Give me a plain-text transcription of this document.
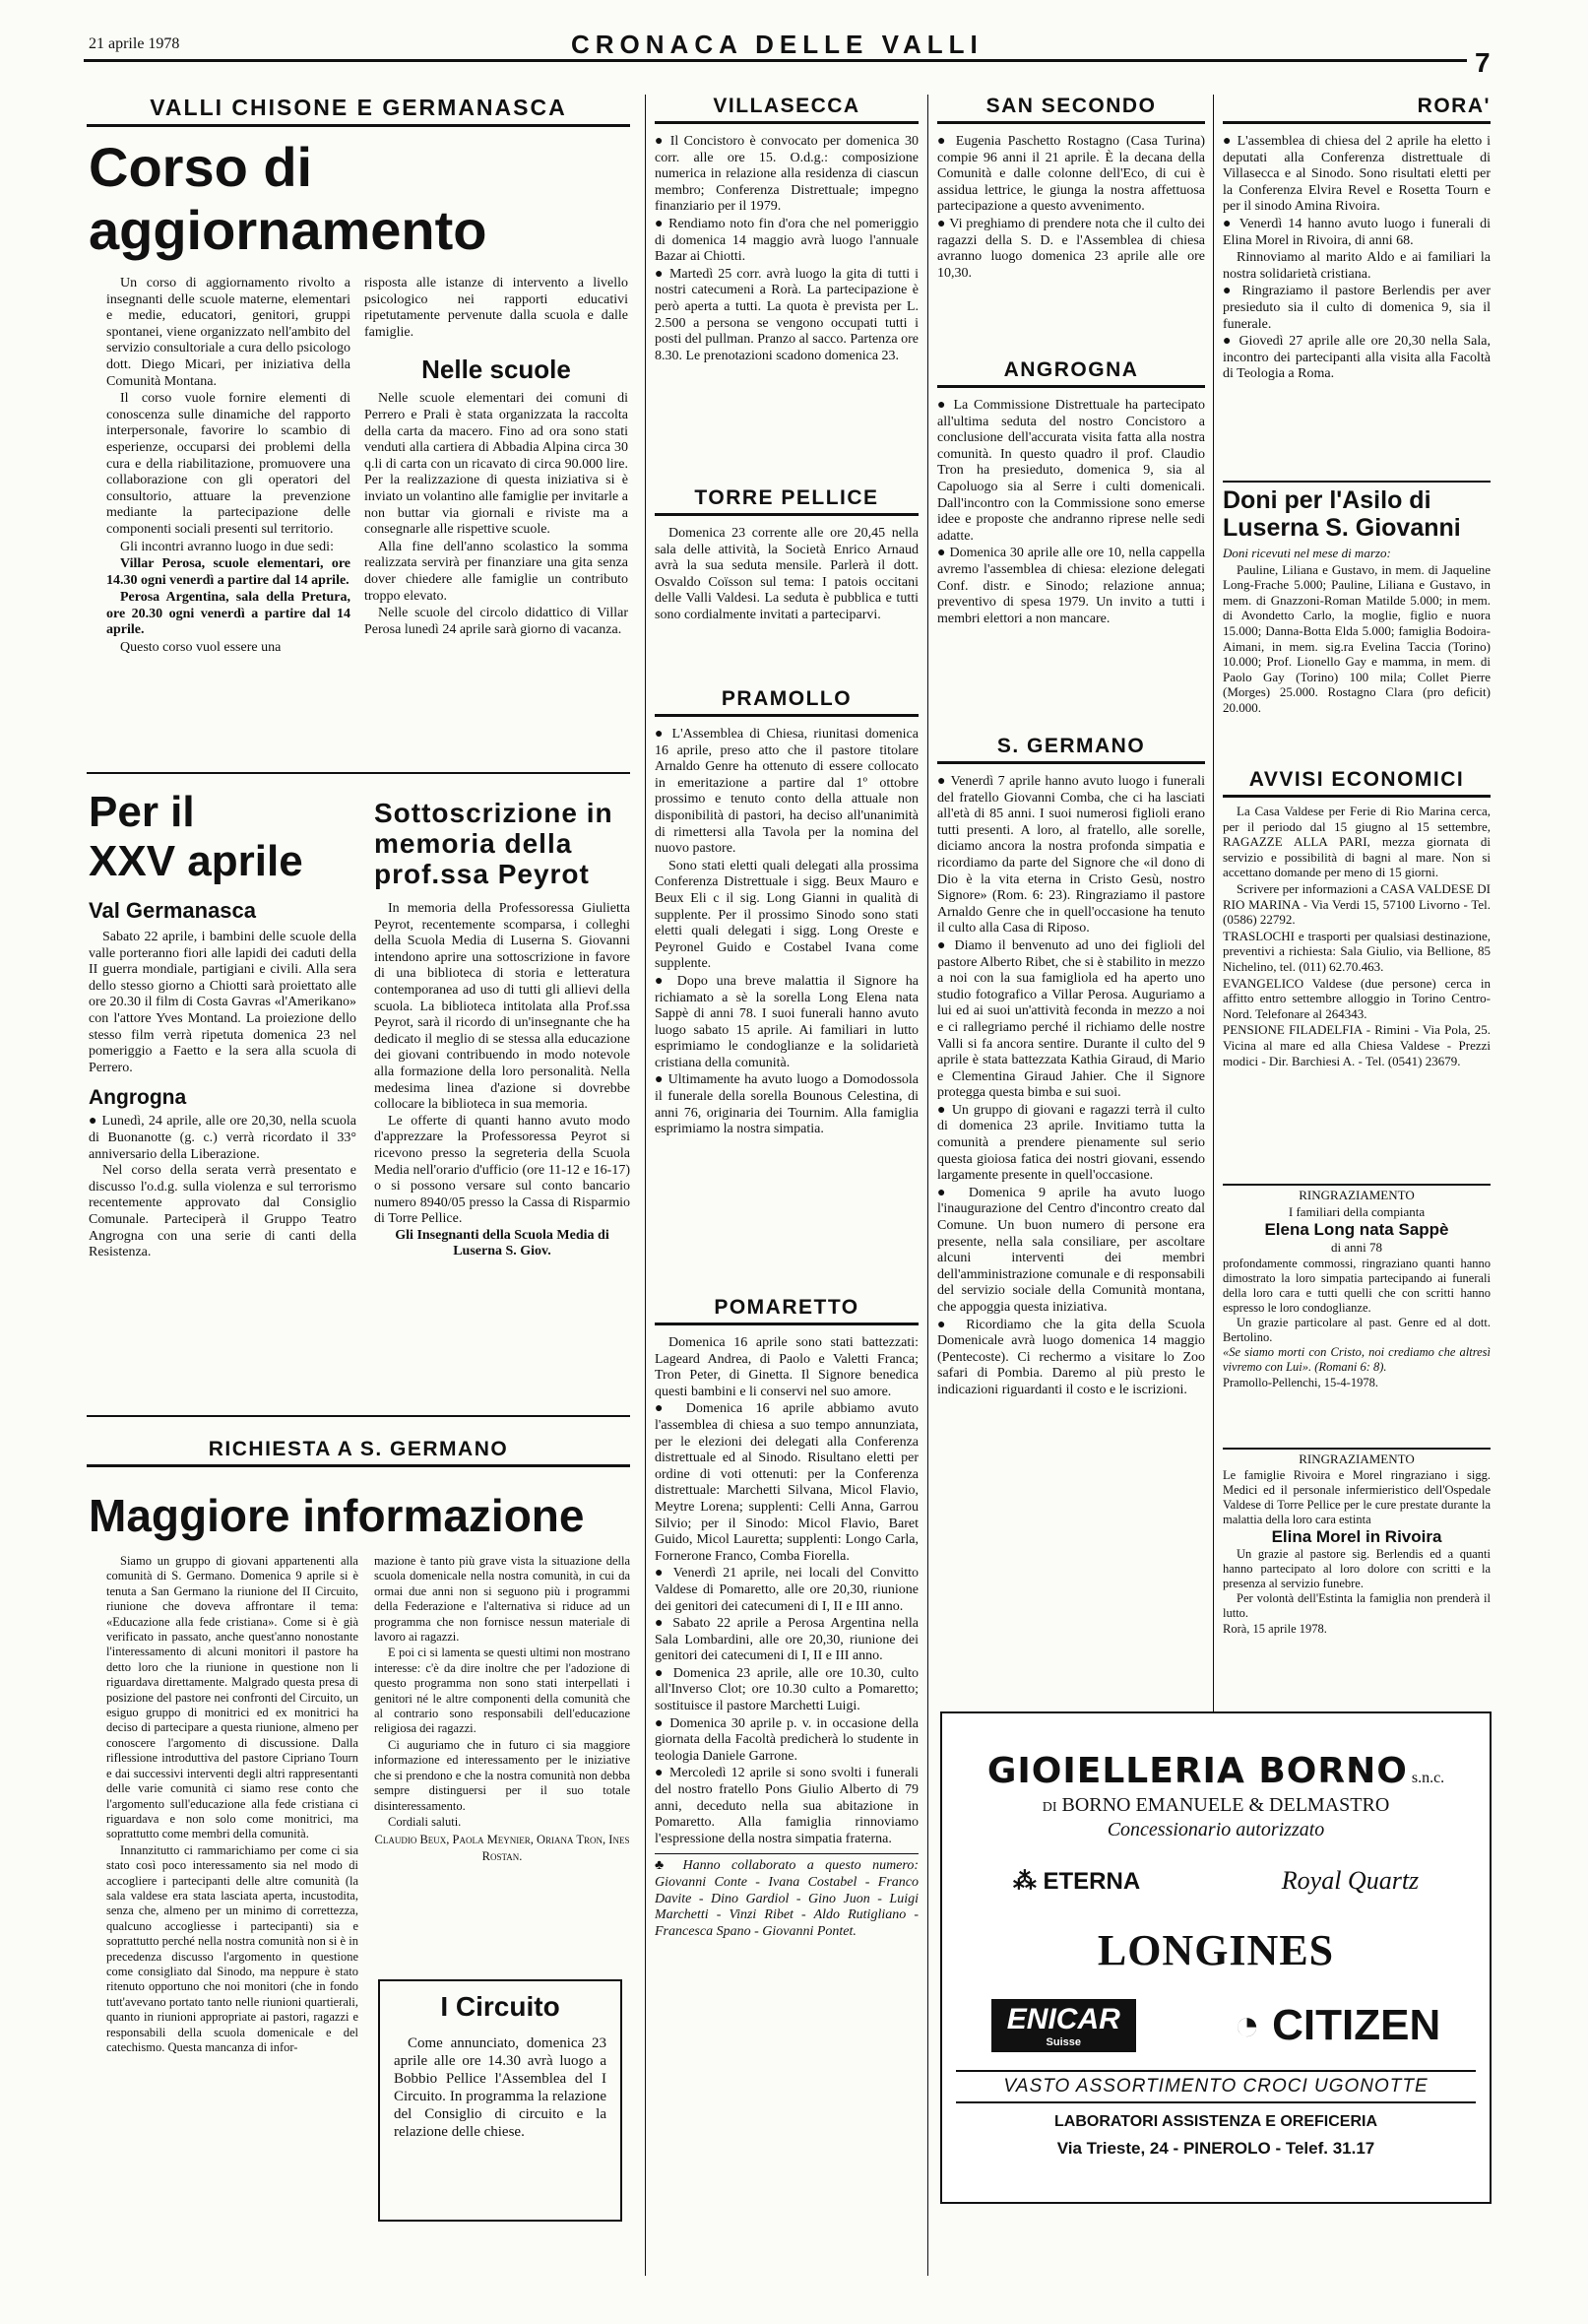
21 aprile 1978	CRONACA DELLE VALLI
7
VALLI CHISONE E GERMANASCA
Corso di aggiornamento

Un corso di aggiornamento rivolto a insegnanti delle scuole materne, elementari e medie, educatori, genitori, gruppi spontanei, viene organizzato nell'ambito del servizio consultoriale a cura dello psicologo dott. Diego Micari, per iniziativa della Comunità Montana.

Il corso vuole fornire elementi di conoscenza sulle dinamiche del rapporto interpersonale, favorire lo scambio di esperienze, occuparsi dei problemi della cura e della riabilitazione, promuovere una collaborazione con gli operatori del consultorio, attuare la prevenzione mediante la partecipazione delle componenti sociali presenti sul territorio.

Gli incontri avranno luogo in due sedi:

Villar Perosa, scuole elementari, ore 14.30 ogni venerdì a partire dal 14 aprile.

Perosa Argentina, sala della Pretura, ore 20.30 ogni venerdì a partire dal 14 aprile.

Questo corso vuol essere una

risposta alle istanze di intervento a livello psicologico nei rapporti educativi ripetutamente pervenute dalla scuola e dalle famiglie.
Nelle scuole

Nelle scuole elementari dei comuni di Perrero e Prali è stata organizzata la raccolta della carta da macero. Fino ad ora sono stati venduti alla cartiera di Abbadia Alpina circa 30 q.li di carta con un ricavato di circa 90.000 lire. Per la realizzazione di questa iniziativa si è inviato un volantino alle famiglie per invitarle a non buttar via giornali e riviste ma a consegnarle alle rispettive scuole.

Alla fine dell'anno scolastico la somma realizzata servirà per finanziare una gita senza dover chiedere alle famiglie un contributo troppo elevato.

Nelle scuole del circolo didattico di Villar Perosa lunedì 24 aprile sarà giorno di vacanza.

Per il
XXV aprile
Val Germanasca
Sabato 22 aprile, i bambini delle scuole della valle porteranno fiori alle lapidi dei caduti della II guerra mondiale, partigiani e civili. Alla sera dello stesso giorno a Chiotti sarà proiettato alle ore 20.30 il film di Costa Gavras «l'Amerikano» con l'attore Yves Montand. La proiezione dello stesso film verrà ripetuta domenica 23 nel pomeriggio a Faetto e la sera alla scuola di Perrero.
Angrogna
● Lunedì, 24 aprile, alle ore 20,30, nella scuola di Buonanotte (g. c.) verrà ricordato il 33° anniversario della Liberazione.
Nel corso della serata verrà presentato e discusso l'o.d.g. sulla violenza e sul terrorismo recentemente approvato dal Consiglio Comunale. Parteciperà il Gruppo Teatro Angrogna con una serie di canti della Resistenza.
Sottoscrizione in memoria della prof.ssa Peyrot
In memoria della Professoressa Giulietta Peyrot, recentemente scomparsa, i colleghi della Scuola Media di Luserna S. Giovanni intendono aprire una sottoscrizione in favore di una biblioteca di storia e letteratura contemporanea ad uso di tutti gli allievi della scuola. La biblioteca intitolata alla Prof.ssa Peyrot, sarà il ricordo di un'insegnante che ha dedicato il meglio di se stessa alla educazione dei giovani contribuendo in modo notevole alla formazione della loro personalità. Nella medesima linea d'azione si dovrebbe collocare la biblioteca in sua memoria.
Le offerte di quanti hanno avuto modo d'apprezzare la Professoressa Peyrot si ricevono presso la segreteria della Scuola Media nell'orario d'ufficio (ore 11-12 e 16-17) o si possono versare sul conto bancario numero 8940/05 presso la Cassa di Risparmio di Torre Pellice.
Gli Insegnanti della Scuola Media di Luserna S. Giov.
RICHIESTA A S. GERMANO
Maggiore informazione

Siamo un gruppo di giovani appartenenti alla comunità di S. Germano. Domenica 9 aprile si è tenuta a San Germano la riunione del II Circuito, riunione che doveva affrontare il tema: «Educazione alla fede cristiana». Come si è già verificato in passato, anche quest'anno nonostante l'interessamento di alcuni monitori il pastore ha detto loro che la riunione in questione non li riguardava direttamente. Malgrado questa presa di posizione del pastore nei confronti del Circuito, un esiguo gruppo di monitrici ed ex monitrici ha deciso di partecipare a questa riunione, almeno per conoscere l'argomento di discussione. Dalla riflessione introduttiva del pastore Cipriano Tourn e dai successivi interventi degli altri rappresentanti delle varie comunità ci siamo rese conto che l'argomento sull'educazione alla fede cristiana ci riguardava e non solo come monitrici, ma soprattutto come membri della comunità.

Innanzitutto ci rammarichiamo per come ci sia stato così poco interessamento sia nel modo di accogliere i partecipanti delle altre comunità (la sala valdese era stata lasciata aperta, incustodita, senza che, almeno per un minimo di correttezza, qualcuno accogliesse i partecipanti) sia e soprattutto perché nella nostra comunità non si è in precedenza discusso l'argomento in questione come consigliato dal Sinodo, ma neppure è stato ritenuto opportuno che noi monitori (che in fondo tutt'avevano portato tanto nelle riunioni quartierali, quanto in riunioni appropriate ai pastori, ragazzi e responsabili della scuola domenicale e del catechismo. Questa mancanza di infor-

mazione è tanto più grave vista la situazione della scuola domenicale nella nostra comunità, in cui da ormai due anni non si seguono più i programmi della Federazione e l'alternativa si riduce ad un programma che non fornisce nessun materiale di lavoro ai ragazzi.

E poi ci si lamenta se questi ultimi non mostrano interesse: c'è da dire inoltre che per l'adozione di questo programma non sono stati interpellati i genitori né le altre componenti della comunità che al contrario sono responsabili dell'educazione religiosa dei ragazzi.

Ci auguriamo che in futuro ci sia maggiore informazione ed interessamento per le iniziative che si prendono e che la nostra comunità non debba sempre distinguersi per il suo totale disinteressamento.

Cordiali saluti.

Claudio Beux, Paola Meynier, Oriana Tron, Ines Rostan.
I Circuito
Come annunciato, domenica 23 aprile alle ore 14.30 avrà luogo a Bobbio Pellice l'Assemblea del I Circuito. In programma la relazione del Consiglio di circuito e la relazione delle chiese.
VILLASECCA

● Il Concistoro è convocato per domenica 30 corr. alle ore 15. O.d.g.: composizione numerica in relazione alla residenza di ciascun membro; Conferenza Distrettuale; impegno finanziario per il 1979.

● Rendiamo noto fin d'ora che nel pomeriggio di domenica 14 maggio avrà luogo l'annuale Bazar ai Chiotti.

● Martedì 25 corr. avrà luogo la gita di tutti i nostri catecumeni a Rorà. La partecipazione è però aperta a tutti. La quota è prevista per L. 2.500 a persona se vengono occupati tutti i posti del pullman. Pranzo al sacco. Partenza ore 8.30. Le prenotazioni scadono domenica 23.

TORRE PELLICE
Domenica 23 corrente alle ore 20,45 nella sala delle attività, la Società Enrico Arnaud avrà la sua seduta mensile. Parlerà il dott. Osvaldo Coïsson sul tema: I patois occitani delle Valli Valdesi. La seduta è pubblica e tutti sono cordialmente invitati a parteciparvi.
PRAMOLLO

● L'Assemblea di Chiesa, riunitasi domenica 16 aprile, preso atto che il pastore titolare Arnaldo Genre ha ottenuto di essere collocato in emeritazione a partire dal 1º ottobre prossimo e tenuto conto della attuale non disponibilità di pastori, ha deciso all'unanimità di rimettersi alla Tavola per la nomina del nuovo pastore.

Sono stati eletti quali delegati alla prossima Conferenza Distrettuale i sigg. Beux Mauro e Beux Eli c il sig. Long Gianni in qualità di supplente. Per il prossimo Sinodo sono stati eletti quali delegati i sigg. Long Oreste e Peyronel Guido e Costabel Ivana come supplente.

● Dopo una breve malattia il Signore ha richiamato a sè la sorella Long Elena nata Sappè di anni 78. I suoi funerali hanno avuto luogo sabato 15 aprile. Ai familiari in lutto esprimiamo le condoglianze e la solidarietà cristiana della comunità.

● Ultimamente ha avuto luogo a Domodossola il funerale della sorella Bounous Celestina, di anni 76, originaria dei Tournim. Alla famiglia esprimiamo la nostra simpatia.

POMARETTO

Domenica 16 aprile sono stati battezzati: Lageard Andrea, di Paolo e Valetti Franca; Tron Peter, di Ginetta. Il Signore benedica questi bambini e li conservi nel suo amore.

● Domenica 16 aprile abbiamo avuto l'assemblea di chiesa a suo tempo annunziata, per le elezioni dei delegati alla Conferenza distrettuale ed al Sinodo. Risultano eletti per ordine di voti ottenuti: per la Conferenza distrettuale: Marchetti Silvana, Micol Flavio, Meytre Lorena; supplenti: Celli Anna, Garrou Silvio; per il Sinodo: Micol Flavio, Baret Guido, Micol Lauretta; supplenti: Longo Carla, Fornerone Franco, Comba Fiorella.

● Venerdì 21 aprile, nei locali del Convitto Valdese di Pomaretto, alle ore 20,30, riunione dei genitori dei catecumeni di I, II e III anno.

● Sabato 22 aprile a Perosa Argentina nella Sala Lombardini, alle ore 20,30, riunione dei genitori dei catecumeni di I, II e III anno.

● Domenica 23 aprile, alle ore 10.30, culto all'Inverso Clot; ore 10.30 culto a Pomaretto; sostituisce il pastore Marchetti Luigi.

● Domenica 30 aprile p. v. in occasione della giornata della Facoltà predicherà lo studente in teologia Daniele Garrone.

● Mercoledì 12 aprile si sono svolti i funerali del nostro fratello Pons Giulio Alberto di 79 anni, deceduto nella sua abitazione in Pomaretto. Alla famiglia rinnoviamo l'espressione della nostra simpatia fraterna.

♣ Hanno collaborato a questo numero: Giovanni Conte - Ivana Costabel - Franco Davite - Dino Gardiol - Gino Juon - Luigi Marchetti - Vinzi Ribet - Aldo Rutigliano - Francesca Spano - Giovanni Pontet.

SAN SECONDO

● Eugenia Paschetto Rostagno (Casa Turina) compie 96 anni il 21 aprile. È la decana della Comunità e dalle colonne dell'Eco, di cui è assidua lettrice, le giunga la nostra affettuosa partecipazione a questo avvenimento.

● Vi preghiamo di prendere nota che il culto dei ragazzi della S. D. e l'Assemblea di chiesa avranno luogo domenica 23 aprile alle ore 10,30.

ANGROGNA

● La Commissione Distrettuale ha partecipato all'ultima seduta del nostro Concistoro a conclusione dell'accurata visita fatta alla nostra comunità. In questo quadro il prof. Claudio Tron ha presieduto, domenica 9, sia al Capoluogo sia al Serre i culti domenicali. Dall'incontro con la Commissione sono emerse idee e proposte che andranno riprese nelle sedi adatte.

● Domenica 30 aprile alle ore 10, nella cappella avremo l'assemblea di chiesa: elezione delegati Conf. distr. e Sinodo; relazione annua; preventivo di spesa 1979. Un invito a tutti i membri elettori a non mancare.

S. GERMANO

● Venerdì 7 aprile hanno avuto luogo i funerali del fratello Giovanni Comba, che ci ha lasciati all'età di 85 anni. I suoi numerosi figlioli erano tutti presenti. A loro, al fratello, alle sorelle, diciamo ancora la nostra profonda simpatia e ricordiamo da parte del Signore che «il dono di Dio è la vita eterna in Cristo Gesù, nostro Signore» (Rom. 6: 23). Ringraziamo il pastore Arnaldo Genre che in quell'occasione ha tenuto il culto alla Casa di Riposo.

● Diamo il benvenuto ad uno dei figlioli del pastore Alberto Ribet, che si è stabilito in mezzo a noi con la sua famigliola ed ha aperto uno studio fotografico a Villar Perosa. Auguriamo a lui ed ai suoi un'attività feconda in mezzo a noi e ci rallegriamo perché il richiamo delle nostre Valli si fa ancora sentire. Durante il culto del 9 aprile è stata battezzata Kathia Giraud, di Mario e Clementina Giraud Jahier. Che il Signore protegga questa bimba e sui suoi.

● Un gruppo di giovani e ragazzi terrà il culto di domenica 23 aprile. Invitiamo tutta la comunità a prendere pienamente sul serio questa gioiosa fatica dei nostri giovani, essendo largamente presente in quell'occasione.

● Domenica 9 aprile ha avuto luogo l'inaugurazione del Centro d'incontro creato dal Comune. Un buon numero di persone era presente, nella sala consiliare, per ascoltare alcuni interventi dei membri dell'amministrazione comunale e di responsabili del servizio sociale della Comunità montana, che appoggia questa iniziativa.

● Ricordiamo che la gita della Scuola Domenicale avrà luogo domenica 14 maggio (Pentecoste). Ci rechermo a visitare lo Zoo safari di Pombia. Daremo al più presto le indicazioni riguardanti il costo e le iscrizioni.

RORA'

● L'assemblea di chiesa del 2 aprile ha eletto i deputati alla Conferenza distrettuale di Villasecca e al Sinodo. Sono risultati eletti per la Conferenza Elvira Revel e Rosetta Tourn e per il sinodo Amina Rivoira.

● Venerdì 14 hanno avuto luogo i funerali di Elina Morel in Rivoira, di anni 68.

Rinnoviamo al marito Aldo e ai familiari la nostra solidarietà cristiana.

● Ringraziamo il pastore Berlendis per aver presieduto sia il culto di domenica 9, sia il funerale.

● Giovedì 27 aprile alle ore 20,30 nella Sala, incontro dei partecipanti alla visita alla Facoltà di Teologia a Roma.

Doni per l'Asilo di Luserna S. Giovanni
Doni ricevuti nel mese di marzo:
Pauline, Liliana e Gustavo, in mem. di Jaqueline Long-Frache 5.000; Pauline, Liliana e Gustavo, in mem. di Gnazzoni-Roman Matilde 5.000; in mem. di Avondetto Carlo, la moglie, figlio e nuora 15.000; Danna-Botta Elda 5.000; famiglia Bodoira-Aimani, in mem. sig.ra Evelina Taccia (Torino) 10.000; Prof. Lionello Gay e mamma, in mem. di Paolo Gay (Torino) 100 mila; Collet Pierre (Morges) 25.000. Rostagno Clara (pro deficit) 20.000.
AVVISI ECONOMICI

La Casa Valdese per Ferie di Rio Marina cerca, per il periodo dal 15 giugno al 15 settembre, RAGAZZE ALLA PARI, mezza giornata di servizio e possibilità di bagni al mare. Non si accettano domande per meno di 15 giorni.

Scrivere per informazioni a CASA VALDESE DI RIO MARINA - Via Verdi 15, 57100 Livorno - Tel. (0586) 22792.

TRASLOCHI e trasporti per qualsiasi destinazione, preventivi a richiesta: Sala Giulio, via Bellione, 85 Nichelino, tel. (011) 62.70.463.

EVANGELICO Valdese (due persone) cerca in affitto entro settembre alloggio in Torino Centro-Nord. Telefonare al 264343.

PENSIONE FILADELFIA - Rimini - Via Pola, 25. Vicina al mare ed alla Chiesa Valdese - Prezzi modici - Dir. Barchiesi A. - Tel. (0541) 23679.

RINGRAZIAMENTO
I familiari della compianta
Elena Long nata Sappè
di anni 78
profondamente commossi, ringraziano quanti hanno dimostrato la loro simpatia partecipando ai funerali della loro cara e tutti quelli che con scritti hanno espresso le loro condoglianze.
Un grazie particolare al past. Genre ed al dott. Bertolino.
«Se siamo morti con Cristo, noi crediamo che altresì vivremo con Lui». (Romani 6: 8).
Pramollo-Pellenchi, 15-4-1978.
RINGRAZIAMENTO
Le famiglie Rivoira e Morel ringraziano i sigg. Medici ed il personale infermieristico dell'Ospedale Valdese di Torre Pellice per le cure prestate durante la malattia della loro cara estinta
Elina Morel in Rivoira
Un grazie al pastore sig. Berlendis ed a quanti hanno partecipato al loro dolore con scritti e la presenza al servizio funebre.
Per volontà dell'Estinta la famiglia non prenderà il lutto.
Rorà, 15 aprile 1978.
GIOIELLERIA BORNO s.n.c.
di BORNO EMANUELE & DELMASTRO
Concessionario autorizzato
⁂ ETERNA	Royal Quartz
LONGINES
ENICAR
Suisse	◔ CITIZEN
VASTO ASSORTIMENTO CROCI UGONOTTE
LABORATORI ASSISTENZA E OREFICERIA
Via Trieste, 24 - PINEROLO - Telef. 31.17
